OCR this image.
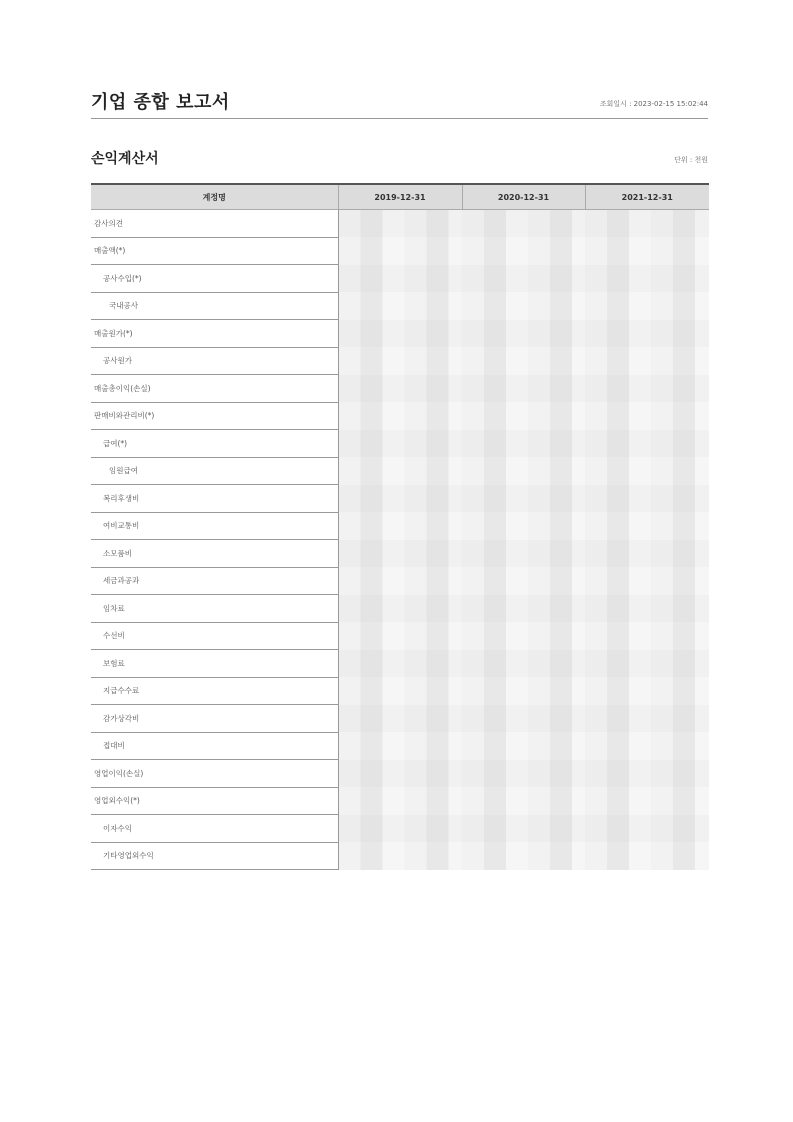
기업 종합 보고서	조회일시 : 2023-02-15 15:02:44
손익계산서	단위 : 천원
계정명	2019-12-31	2020-12-31	2021-12-31
감사의견			
매출액(*)			
공사수입(*)			
국내공사			
매출원가(*)			
공사원가			
매출총이익(손실)			
판매비와관리비(*)			
급여(*)			
임원급여			
복리후생비			
여비교통비			
소모품비			
세금과공과			
임차료			
수선비			
보험료			
지급수수료			
감가상각비			
접대비			
영업이익(손실)			
영업외수익(*)			
이자수익			
기타영업외수익			
